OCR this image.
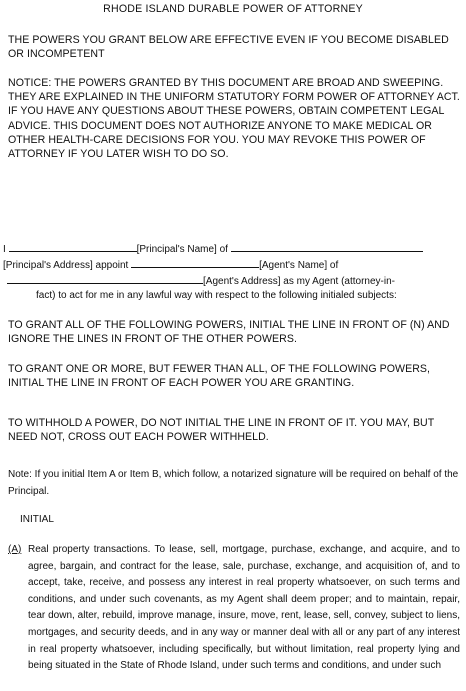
RHODE ISLAND DURABLE POWER OF ATTORNEY
THE POWERS YOU GRANT BELOW ARE EFFECTIVE EVEN IF YOU BECOME DISABLED OR INCOMPETENT
NOTICE: THE POWERS GRANTED BY THIS DOCUMENT ARE BROAD AND SWEEPING. THEY ARE EXPLAINED IN THE UNIFORM STATUTORY FORM POWER OF ATTORNEY ACT. IF YOU HAVE ANY QUESTIONS ABOUT THESE POWERS, OBTAIN COMPETENT LEGAL ADVICE. THIS DOCUMENT DOES NOT AUTHORIZE ANYONE TO MAKE MEDICAL OR OTHER HEALTH-CARE DECISIONS FOR YOU. YOU MAY REVOKE THIS POWER OF ATTORNEY IF YOU LATER WISH TO DO SO.
I	[Principal's Name] of
[Principal's Address] appoint	[Agent's Name] of
[Agent's Address] as my Agent (attorney-in-
fact) to act for me in any lawful way with respect to the following initialed subjects:
TO GRANT ALL OF THE FOLLOWING POWERS, INITIAL THE LINE IN FRONT OF (N) AND IGNORE THE LINES IN FRONT OF THE OTHER POWERS.
TO GRANT ONE OR MORE, BUT FEWER THAN ALL, OF THE FOLLOWING POWERS, INITIAL THE LINE IN FRONT OF EACH POWER YOU ARE GRANTING.
TO WITHHOLD A POWER, DO NOT INITIAL THE LINE IN FRONT OF IT. YOU MAY, BUT NEED NOT, CROSS OUT EACH POWER WITHHELD.
Note: If you initial Item A or Item B, which follow, a notarized signature will be required on behalf of the Principal.
INITIAL
(A) Real property transactions. To lease, sell, mortgage, purchase, exchange, and acquire, and to agree, bargain, and contract for the lease, sale, purchase, exchange, and acquisition of, and to accept, take, receive, and possess any interest in real property whatsoever, on such terms and conditions, and under such covenants, as my Agent shall deem proper; and to maintain, repair, tear down, alter, rebuild, improve manage, insure, move, rent, lease, sell, convey, subject to liens, mortgages, and security deeds, and in any way or manner deal with all or any part of any interest in real property whatsoever, including specifically, but without limitation, real property lying and being situated in the State of Rhode Island, under such terms and conditions, and under such
